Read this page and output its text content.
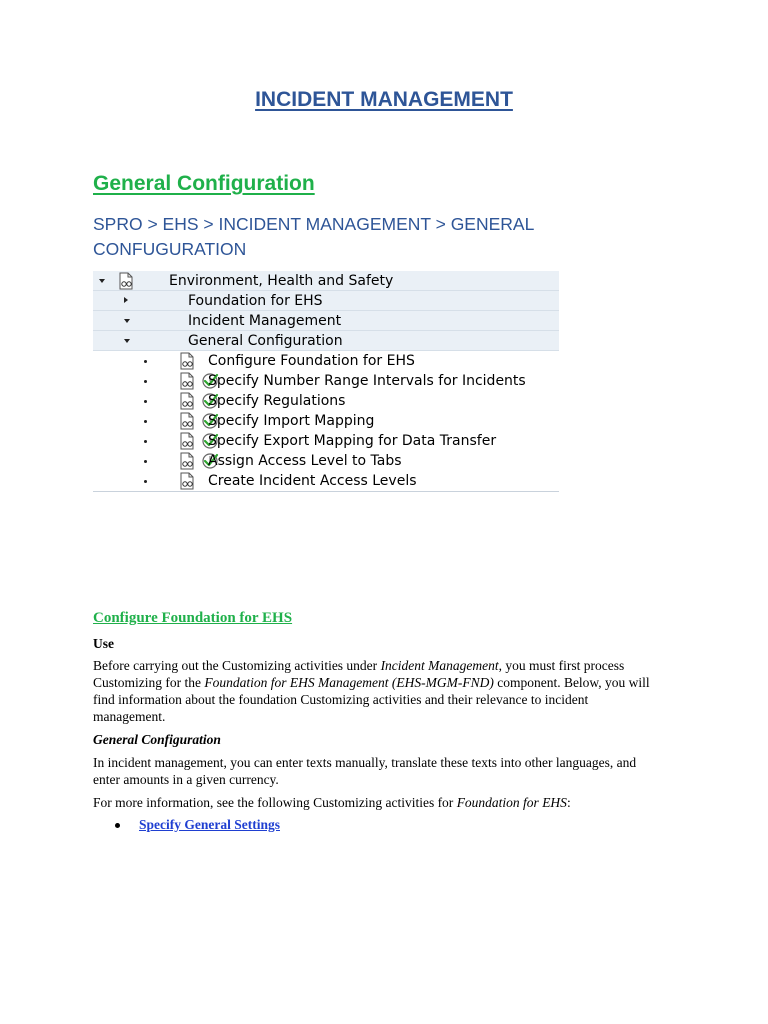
INCIDENT MANAGEMENT
General Configuration

SPRO > EHS > INCIDENT MANAGEMENT > GENERAL CONFUGURATION

Environment, Health and Safety
Foundation for EHS
Incident Management
General Configuration
Configure Foundation for EHS
Specify Number Range Intervals for Incidents
Specify Regulations
Specify Import Mapping
Specify Export Mapping for Data Transfer
Assign Access Level to Tabs
Create Incident Access Levels
Configure Foundation for EHS

Use

Before carrying out the Customizing activities under Incident Management, you must first process Customizing for the Foundation for EHS Management (EHS-MGM-FND) component. Below, you will find information about the foundation Customizing activities and their relevance to incident management.

General Configuration

In incident management, you can enter texts manually, translate these texts into other languages, and enter amounts in a given currency.

For more information, see the following Customizing activities for Foundation for EHS:

Specify General Settings
